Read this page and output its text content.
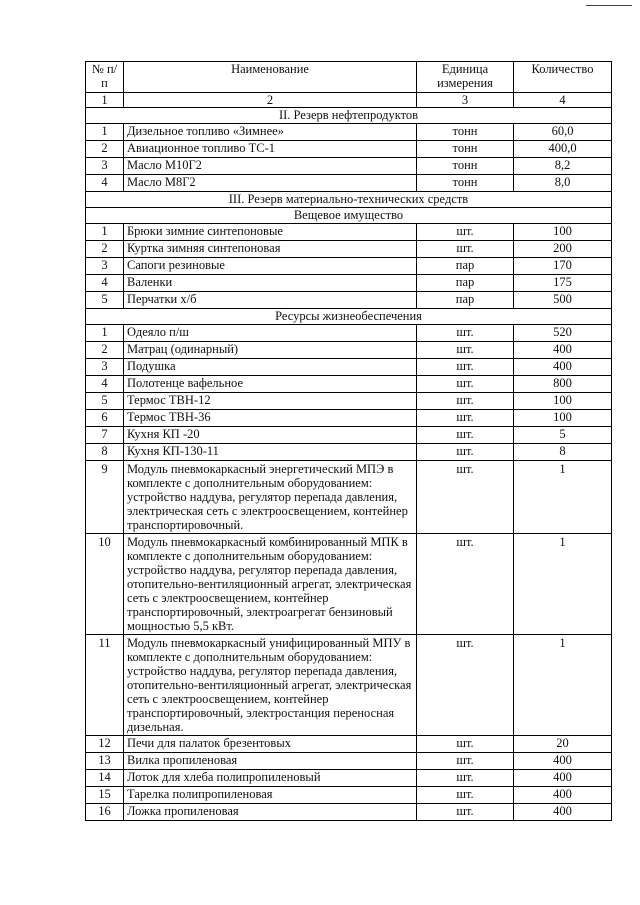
№ п/п	Наименование	Единица измерения	Количество
1	2	3	4
II. Резерв нефтепродуктов			
1	Дизельное топливо «Зимнее»	тонн	60,0
2	Авиационное топливо ТС-1	тонн	400,0
3	Масло М10Г2	тонн	8,2
4	Масло М8Г2	тонн	8,0
III. Резерв материально-технических средств			
Вещевое имущество			
1	Брюки зимние синтепоновые	шт.	100
2	Куртка зимняя синтепоновая	шт.	200
3	Сапоги резиновые	пар	170
4	Валенки	пар	175
5	Перчатки х/б	пар	500
Ресурсы жизнеобеспечения			
1	Одеяло п/ш	шт.	520
2	Матрац (одинарный)	шт.	400
3	Подушка	шт.	400
4	Полотенце вафельное	шт.	800
5	Термос ТВН-12	шт.	100
6	Термос ТВН-36	шт.	100
7	Кухня КП -20	шт.	5
8	Кухня КП-130-11	шт.	8
9	Модуль пневмокаркасный энергетический МПЭ в комплекте с дополнительным оборудованием: устройство наддува, регулятор перепада давления, электрическая сеть с электроосвещением, контейнер транспортировочный.	шт.	1
10	Модуль пневмокаркасный комбинированный МПК в комплекте с дополнительным оборудованием: устройство наддува, регулятор перепада давления, отопительно-вентиляционный агрегат, электрическая сеть с электроосвещением, контейнер транспортировочный, электроагрегат бензиновый мощностью 5,5 кВт.	шт.	1
11	Модуль пневмокаркасный унифицированный МПУ в комплекте с дополнительным оборудованием: устройство наддува, регулятор перепада давления, отопительно-вентиляционный агрегат, электрическая сеть с электроосвещением, контейнер транспортировочный, электростанция переносная дизельная.	шт.	1
12	Печи для палаток брезентовых	шт.	20
13	Вилка пропиленовая	шт.	400
14	Лоток для хлеба полипропиленовый	шт.	400
15	Тарелка полипропиленовая	шт.	400
16	Ложка пропиленовая	шт.	400
